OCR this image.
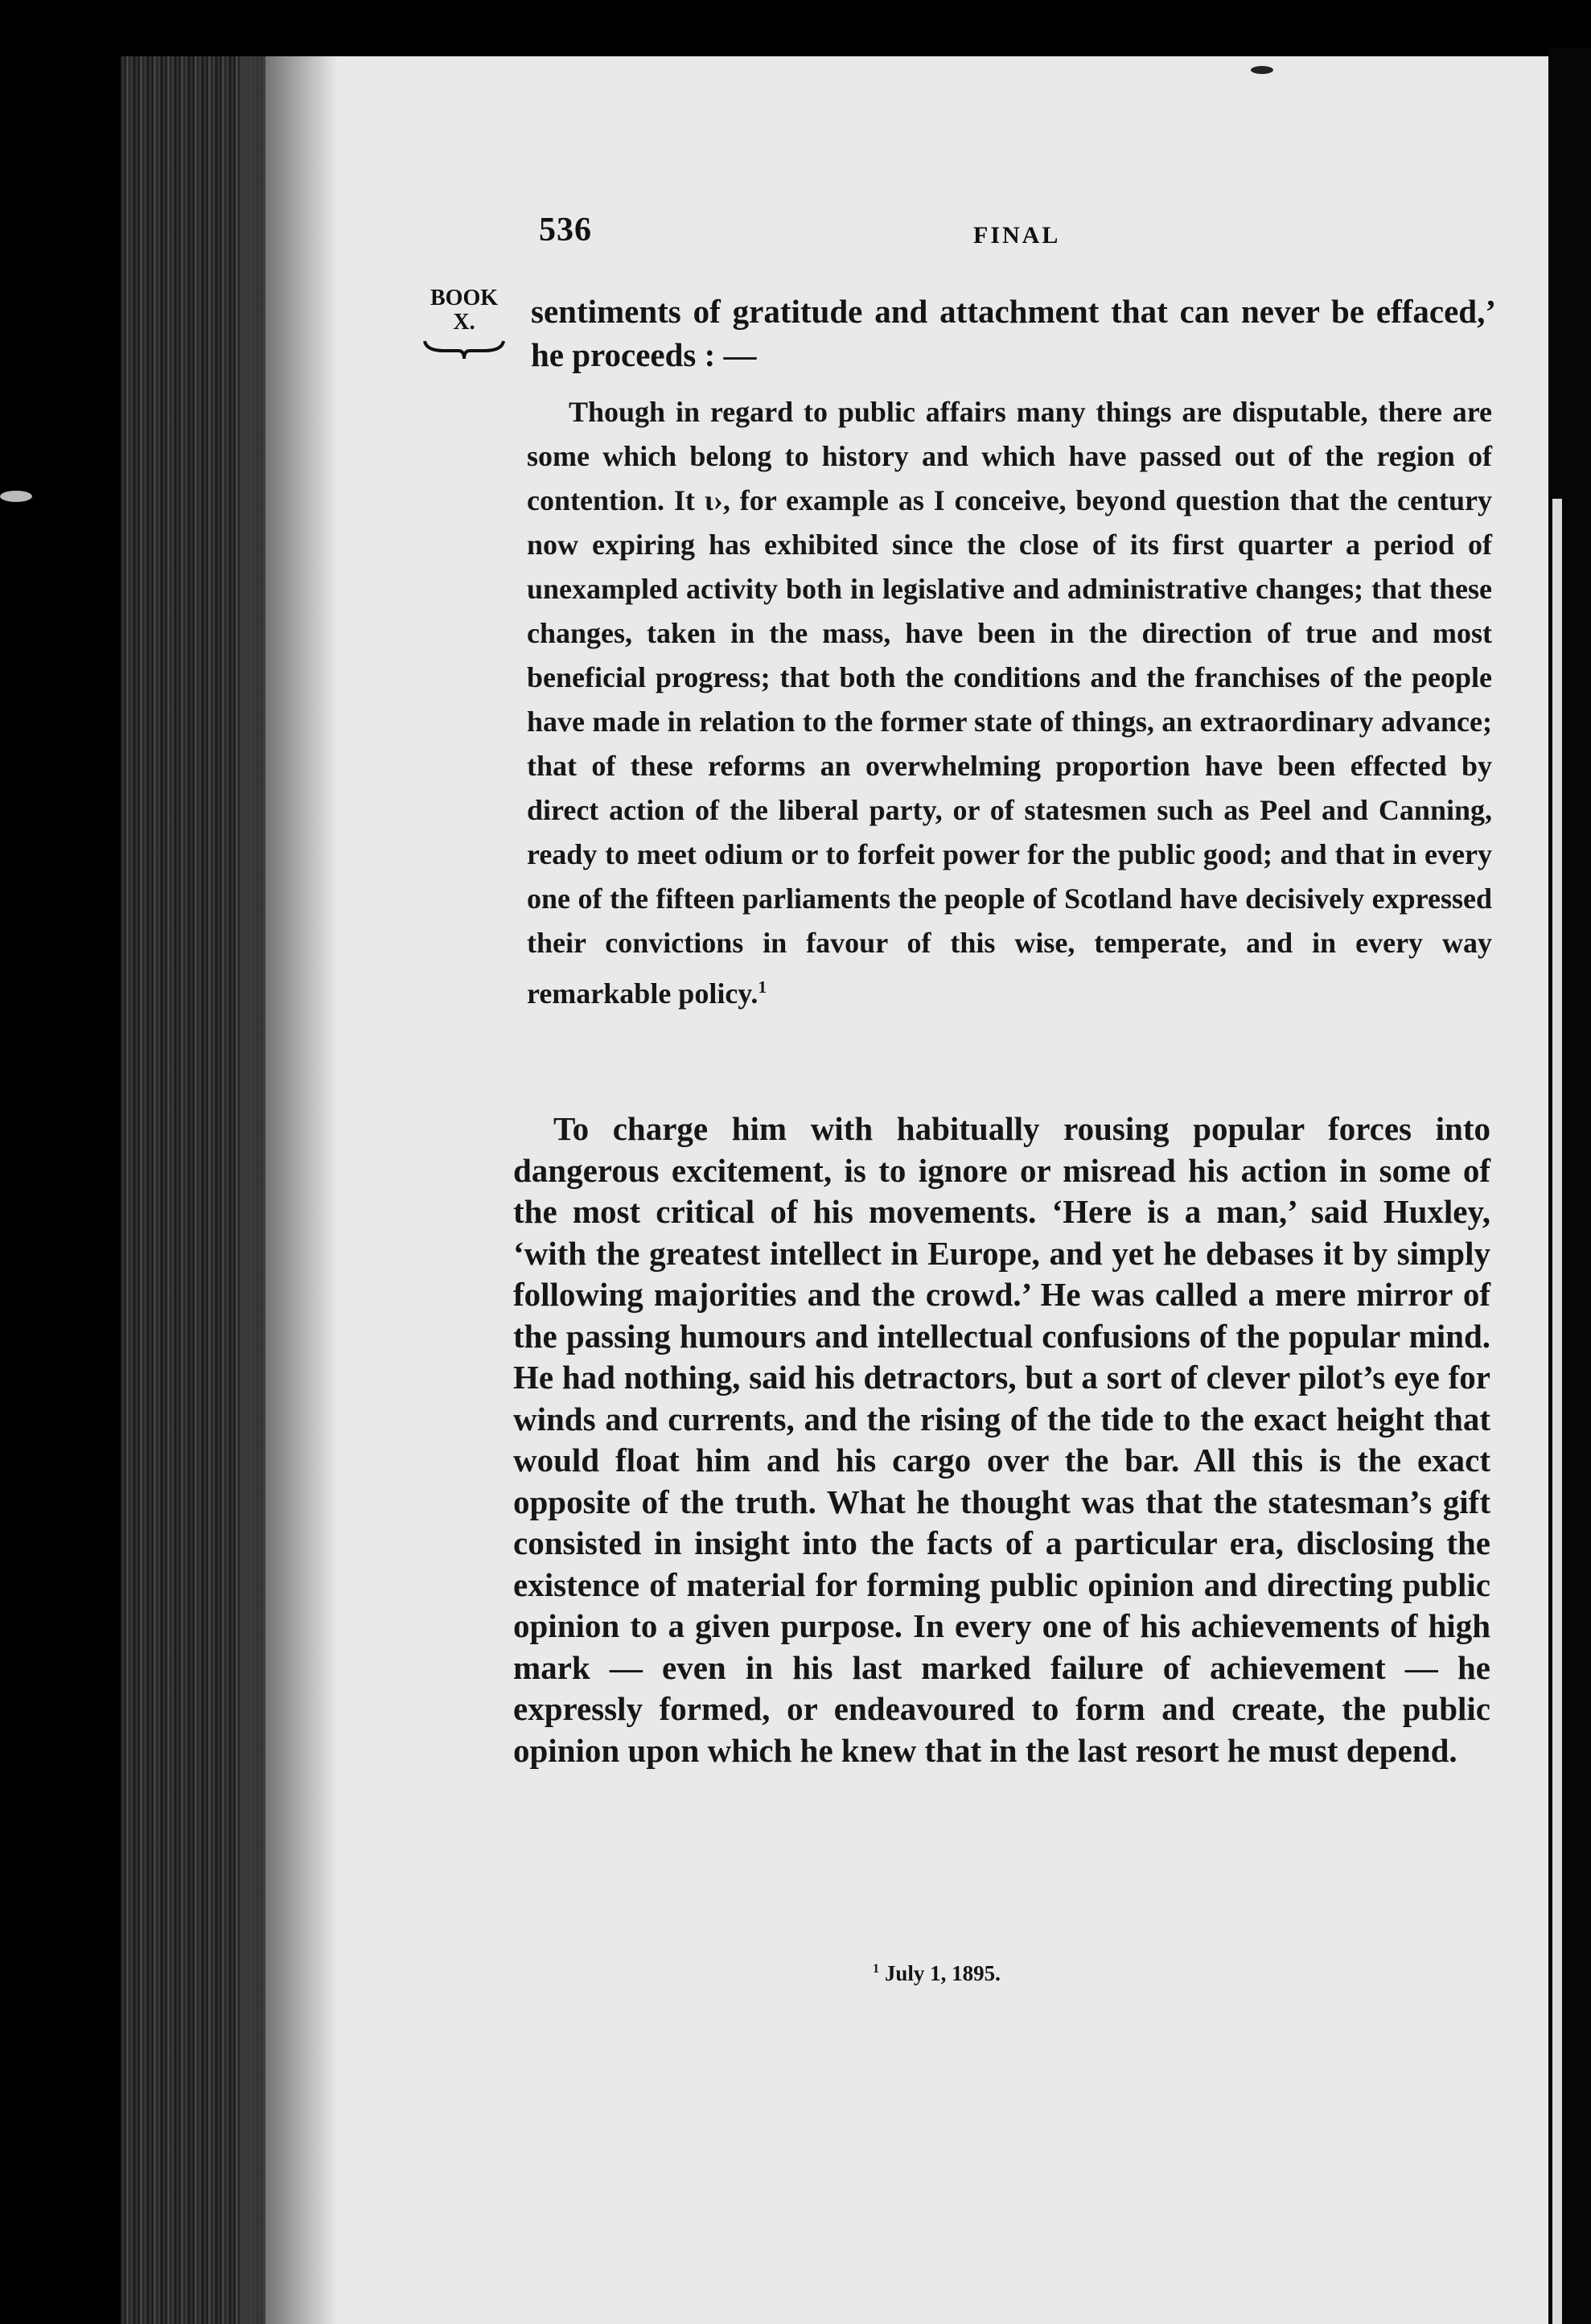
536	FINAL
BOOK
X.	sentiments of gratitude and attachment that can never be effaced,’ he proceeds : —
Though in regard to public affairs many things are disputable, there are some which belong to history and which have passed out of the region of contention. It ɩ›, for example as I conceive, beyond question that the century now expiring has exhibited since the close of its first quarter a period of unexampled activity both in legislative and administrative changes; that these changes, taken in the mass, have been in the direction of true and most beneficial progress; that both the conditions and the franchises of the people have made in relation to the former state of things, an extraordinary advance; that of these reforms an overwhelming proportion have been effected by direct action of the liberal party, or of statesmen such as Peel and Canning, ready to meet odium or to forfeit power for the public good; and that in every one of the fifteen parliaments the people of Scotland have decisively expressed their convictions in favour of this wise, temperate, and in every way remarkable policy.$^1$
To charge him with habitually rousing popular forces into dangerous excitement, is to ignore or misread his action in some of the most critical of his movements. ‘Here is a man,’ said Huxley, ‘with the greatest intellect in Europe, and yet he debases it by simply following majorities and the crowd.’ He was called a mere mirror of the passing humours and intellectual confusions of the popular mind. He had nothing, said his detractors, but a sort of clever pilot’s eye for winds and currents, and the rising of the tide to the exact height that would float him and his cargo over the bar. All this is the exact opposite of the truth. What he thought was that the statesman’s gift consisted in insight into the facts of a particular era, disclosing the existence of material for forming public opinion and directing public opinion to a given purpose. In every one of his achievements of high mark — even in his last marked failure of achievement — he expressly formed, or endeavoured to form and create, the public opinion upon which he knew that in the last resort he must depend.
$^1$ July 1, 1895.
